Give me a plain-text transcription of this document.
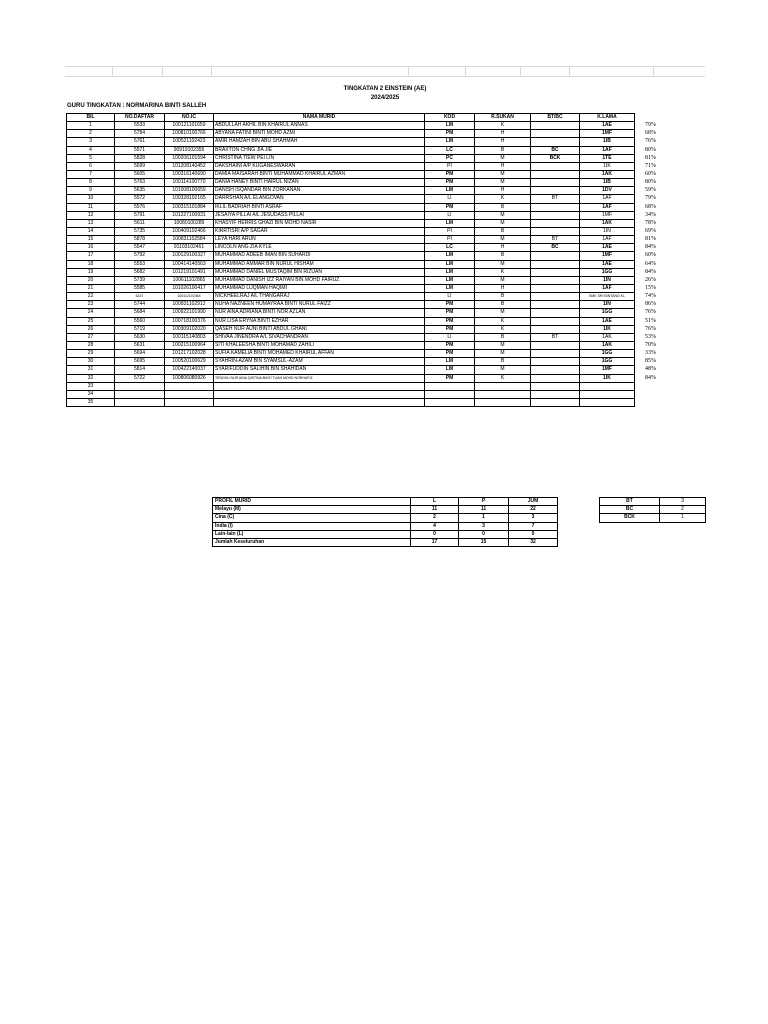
TINGKATAN 2 EINSTEIN (AE)
2024/2025
GURU TINGKATAN : NORMARINA BINTI SALLEH
BIL	NO.DAFTAR	NO.IC	NAMA MURID	KOD	R.SUKAN	BT/BC	K.LAMA	
1	5533	100121101659	ABDULLAH AKHIL BIN KHAIRUL ANNAS	LM	K		1AE	79%
2	5784	100810100766	ABYANA FATINI BINTI MOHD AZMI	PM	H		1MF	68%
3	5761	100521102423	AMIR HAMZAH BIN ABU SHAHMAH	LM	H		1IB	76%
4	5571	90919102355	BRAXTON CHNG JIA JIE	LC	B	BC	1AF	80%
5	5828	100206101594	CHRISTINA TIEW PEI LIN	PC	M	BCK	1TE	81%
6	5699	101208140452	DAKSHAINI A/P KUGANESWARAN	PI	H		1IK	71%
7	5605	100316140690	DAMIA MAISARAH BINTI MUHAMMAD KHAIRUL AZMAN	PM	M		1AK	60%
8	5763	100114100770	DANIA HANEY BINTI HAIRUL NIZAN	PM	M		1IB	80%
9	5635	101008100659	DANISH ISQANDAR BIN ZORKANAN	LM	H		1DV	59%
10	5572	100328102165	DARRSHAN A/L ELANGOVAN	LI	K	BT	1AF	79%
11	5576	100315101884	IKLIL BADRIAH BINTI ASRAF	PM	B		1AF	68%
12	5791	101227100931	JESAIYA PILLAI A/L JESUDASS PILLAI	LI	M		1MF	34%
13	5611	10080100289	KHASYIF HERRIS GHAZI BIN MOHD NASIR	LM	M		1AK	78%
14	5735	100409102466	KIRRTISRI A/P SAGAR	PI	B		1IN	69%
15	5878	100831102584	LEYA HARI ARUN	PI	M	BT	1AF	81%
16	5547	91103102461	LINCOLN ANG ZIA KYLE	LC	H	BC	1AE	84%
17	5792	100129100327	MUHAMMAD ADEEB IMAN BIN SUHARDI	LM	B		1MF	60%
18	5553	100414140563	MUHAMMAD AMMAR BIN NURUL HISHAM	LM	M		1AE	64%
19	5682	101219101491	MUHAMMAD DANIEL MUSTAQIM BIN RIZUAN	LM	K		1GG	84%
20	5739	100611102865	MUHAMMAD DANISH IZZ RAIYAN BIN MOHD FAIRUZ	LM	M		1IN	26%
21	5585	101026100417	MUHAMMAD LUQMAN HAQIMI	LM	H		1AF	15%
22	6237	100112102364	NICKHEELRAJ A/L THANGARAJ	LI	B		SMK SRI BINTANG KL	74%
23	5744	100831102912	NUHA NAZNEEN HUMAYRAA BINTI NURUL FAIZZ	PM	B		1IN	86%
24	5684	100922101990	NUR AINA ADRIANA BINTI NOR AZLAN	PM	M		1GG	76%
25	5560	100718100376	NUR LISA ERYNA BINTI EZHAR	PM	K		1AE	51%
26	5719	100309102020	QASEH NUR AUNI BINTI ABDUL GHANI	PM	K		1IK	76%
27	5630	100115140803	SHIVAA JINENDRA A/L SIVACHANDRAN	LI	B	BT	1AK	53%
28	5631	100215100964	SITI KHALEESHA BINTI MOHAMAD ZAHILI	PM	M		1AK	70%
29	5694	101217102028	SUFIA KAMELIA BINTI MOHAMED KHAIRUL AFFAN	PM	M		1GG	33%
30	5695	100520100629	SYAHRIN-AZAM BIN SYAMSUL-AZAM	LM	B		1GG	85%
31	5814	100422140037	SYARIFUDDIN SALIHIN BIN SHAHIDAN	LM	M		1MF	48%
32	5722	100806080926	TENGKU NUR AINA QISTINA BINTI TUAN MOHD NORHAFIZ	PM	K		1IK	84%
33								
34								
35								
PROFIL MURID	L	P	JUM
Melayu (M)	11	11	22
Cina (C)	2	1	3
India (I)	4	3	7
Lain-lain (L)	0	0	0
Jumlah Keseluruhan	17	15	32
BT	3
BC	2
BCK	1
